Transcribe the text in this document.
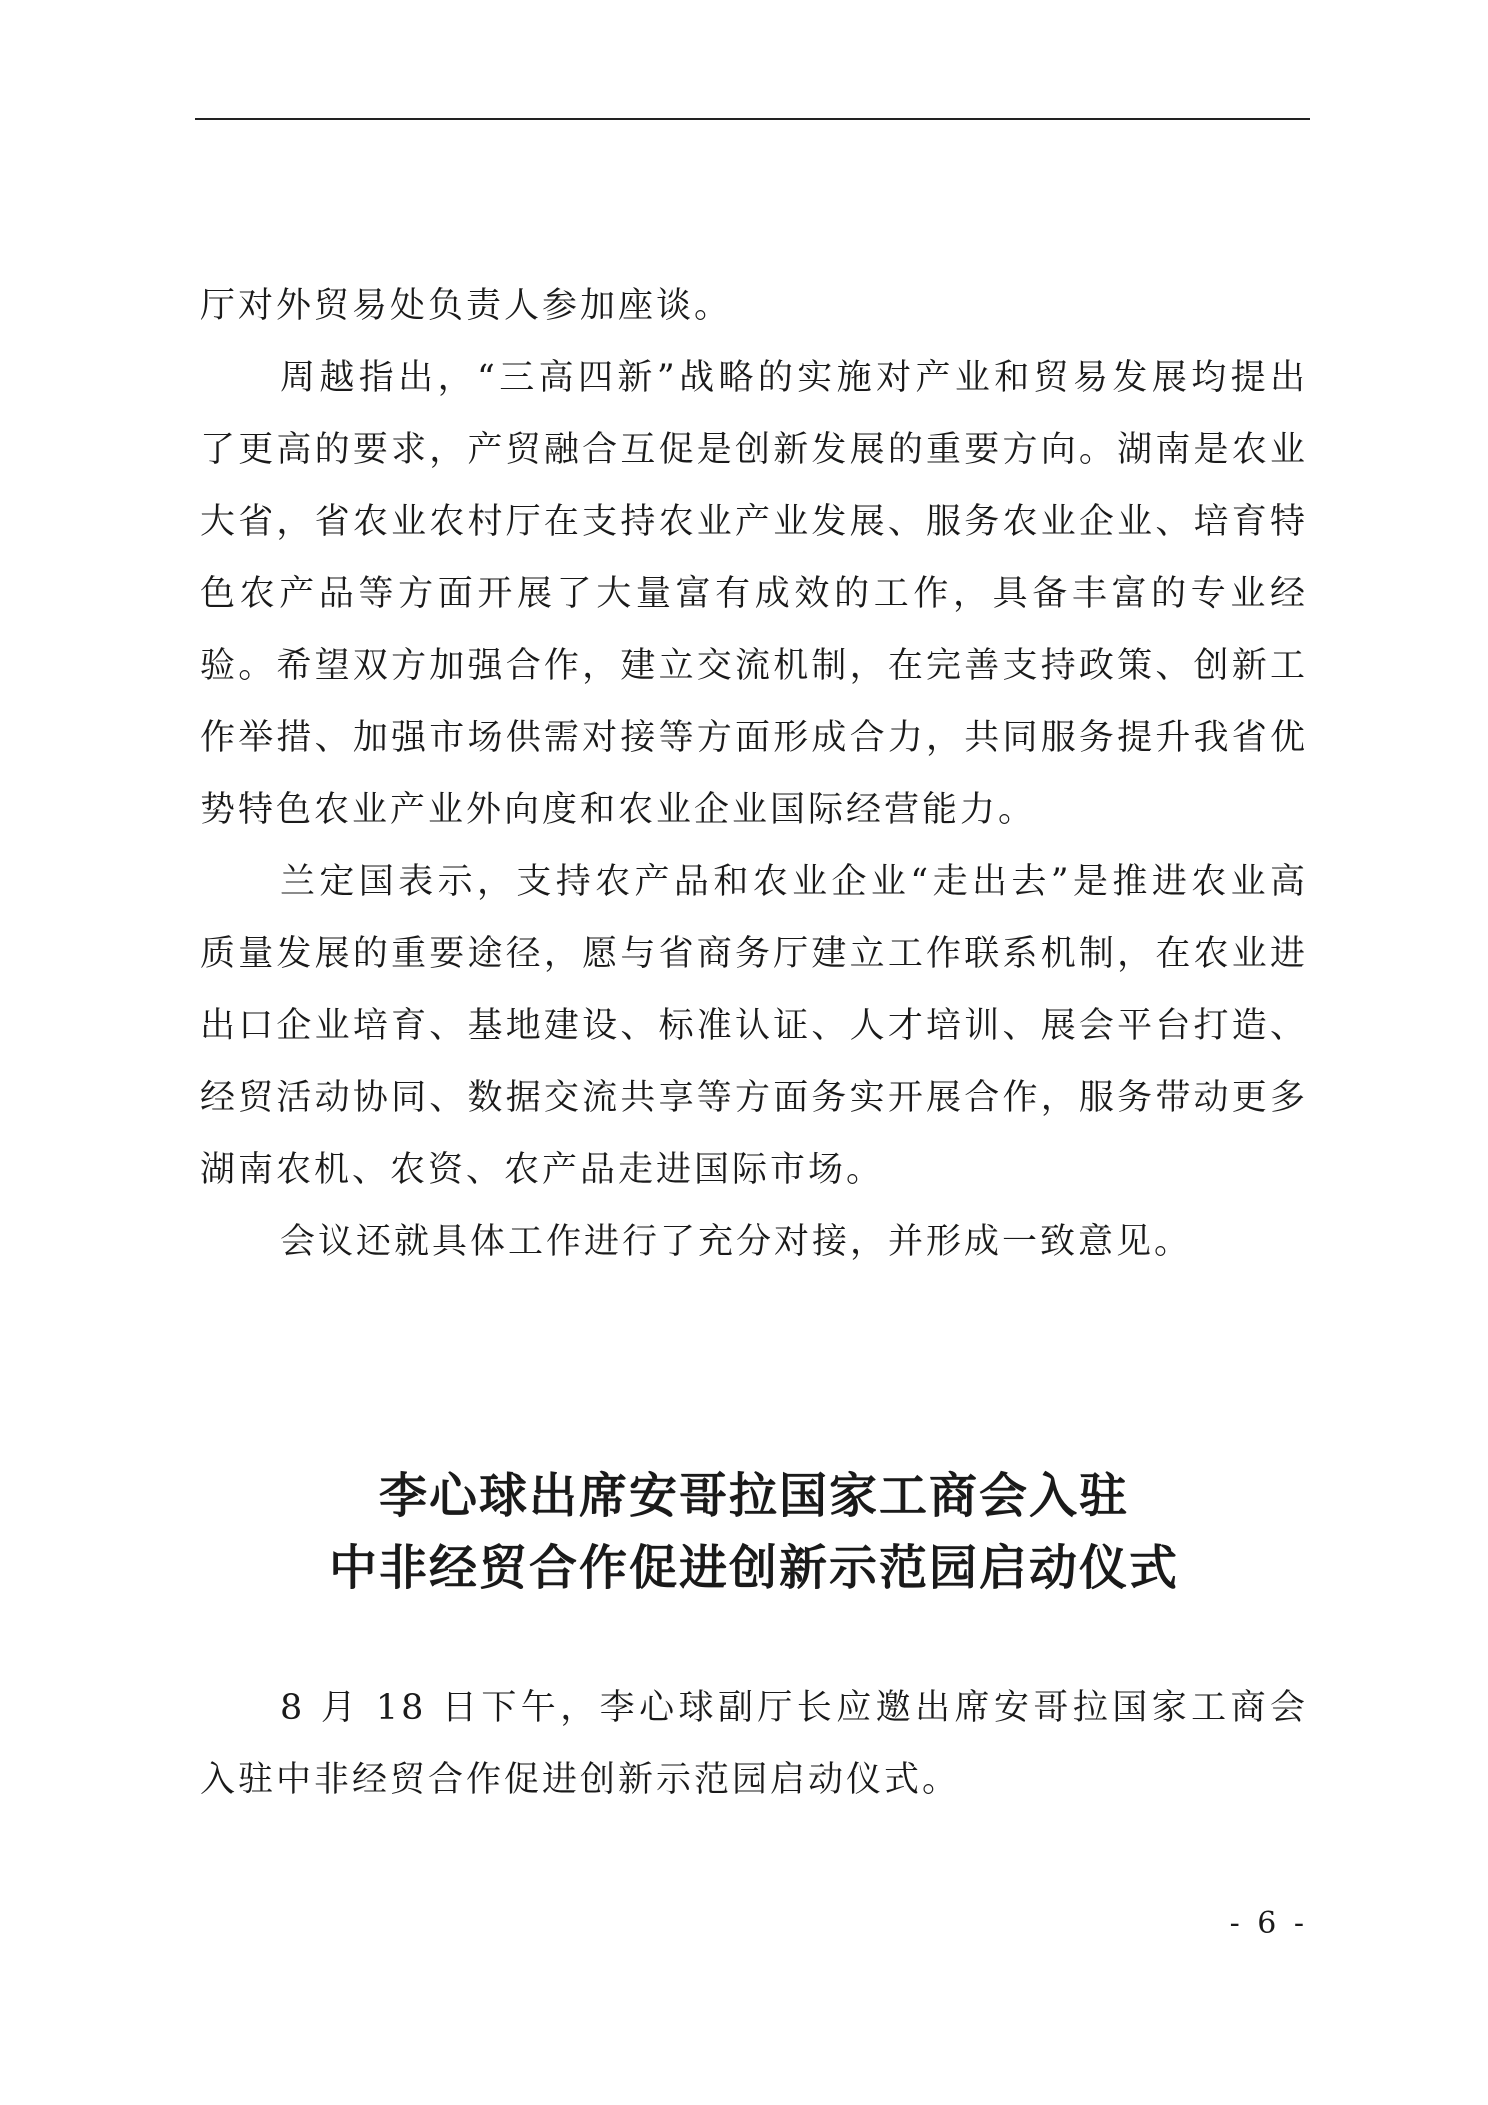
厅对外贸易处负责人参加座谈。

周越指出，“三高四新”战略的实施对产业和贸易发展均提出了更高的要求，产贸融合互促是创新发展的重要方向。湖南是农业大省，省农业农村厅在支持农业产业发展、服务农业企业、培育特色农产品等方面开展了大量富有成效的工作，具备丰富的专业经验。希望双方加强合作，建立交流机制，在完善支持政策、创新工作举措、加强市场供需对接等方面形成合力，共同服务提升我省优势特色农业产业外向度和农业企业国际经营能力。

兰定国表示，支持农产品和农业企业“走出去”是推进农业高质量发展的重要途径，愿与省商务厅建立工作联系机制，在农业进出口企业培育、基地建设、标准认证、人才培训、展会平台打造、经贸活动协同、数据交流共享等方面务实开展合作，服务带动更多湖南农机、农资、农产品走进国际市场。

会议还就具体工作进行了充分对接，并形成一致意见。

李心球出席安哥拉国家工商会入驻
中非经贸合作促进创新示范园启动仪式

8 月 18 日下午，李心球副厅长应邀出席安哥拉国家工商会入驻中非经贸合作促进创新示范园启动仪式。

- 6 -
